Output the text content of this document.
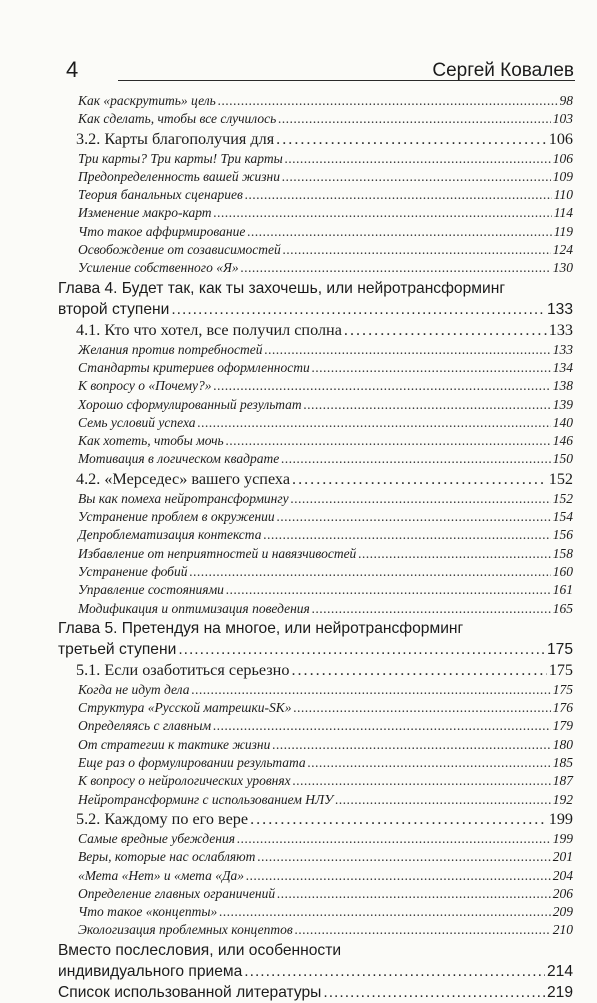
4	Сергей Ковалев
Как «раскрутить» цель .....	98
Как сделать, чтобы все случилось .....	103
3.2. Карты благополучия для .....	106
Три карты? Три карты! Три карты .....	106
Предопределенность вашей жизни .....	109
Теория банальных сценариев .....	110
Изменение макро-карт .....	114
Что такое аффирмирование .....	119
Освобождение от созависимостей .....	124
Усиление собственного «Я» .....	130
Глава 4. Будет так, как ты захочешь, или нейротрансформинг
второй ступени .....	133
4.1. Кто что хотел, все получил сполна .....	133
Желания против потребностей .....	133
Стандарты критериев оформленности .....	134
К вопросу о «Почему?» .....	138
Хорошо сформулированный результат .....	139
Семь условий успеха .....	140
Как хотеть, чтобы мочь .....	146
Мотивация в логическом квадрате .....	150
4.2. «Мерседес» вашего успеха .....	152
Вы как помеха нейротрансформингу .....	152
Устранение проблем в окружении .....	154
Депроблематизация контекста .....	156
Избавление от неприятностей и навязчивостей .....	158
Устранение фобий .....	160
Управление состояниями .....	161
Модификация и оптимизация поведения .....	165
Глава 5. Претендуя на многое, или нейротрансформинг
третьей ступени .....	175
5.1. Если озаботиться серьезно .....	175
Когда не идут дела .....	175
Структура «Русской матрешки-SK» .....	176
Определяясь с главным .....	179
От стратегии к тактике жизни .....	180
Еще раз о формулировании результата .....	185
К вопросу о нейрологических уровнях .....	187
Нейротрансформинг с использованием НЛУ .....	192
5.2. Каждому по его вере .....	199
Самые вредные убеждения .....	199
Веры, которые нас ослабляют .....	201
«Мета «Нет» и «мета «Да» .....	204
Определение главных ограничений .....	206
Что такое «концепты» .....	209
Экологизация проблемных концептов .....	210
Вместо послесловия, или особенности
индивидуального приема .....	214
Список использованной литературы .....	219
